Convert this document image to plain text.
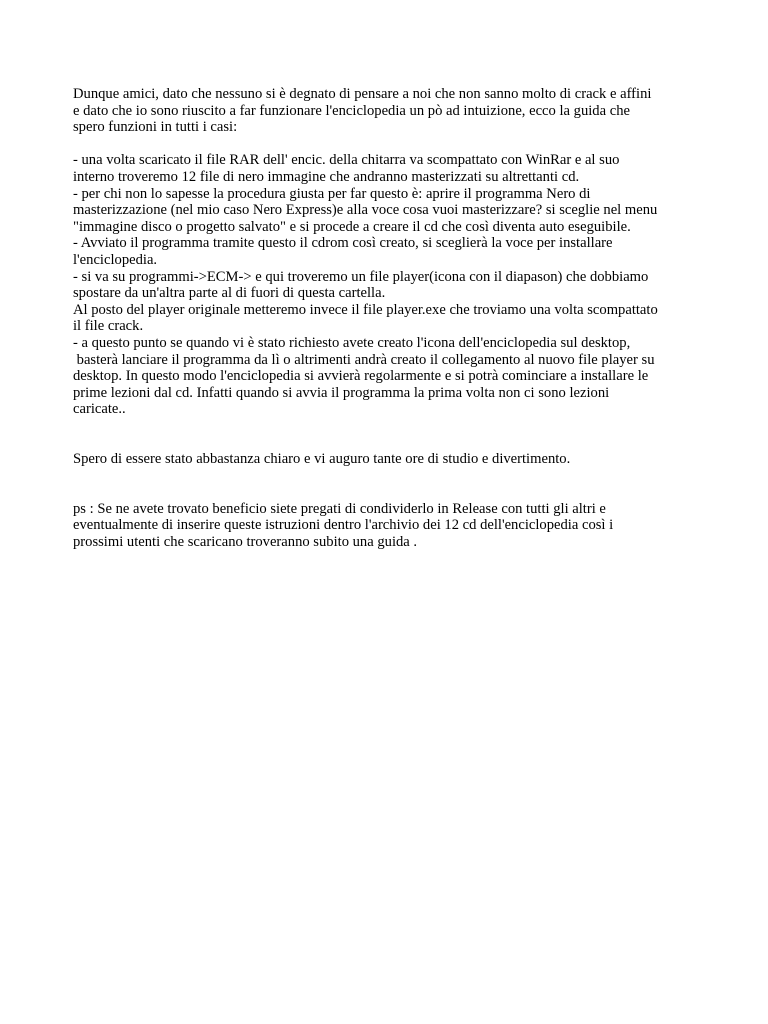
Dunque amici, dato che nessuno si è degnato di pensare a noi che non sanno molto di crack e affini
e dato che io sono riuscito a far funzionare l'enciclopedia un pò ad intuizione, ecco la guida che
spero funzioni in tutti i casi:
- una volta scaricato il file RAR dell' encic. della chitarra va scompattato con WinRar e al suo
interno troveremo 12 file di nero immagine che andranno masterizzati su altrettanti cd.
- per chi non lo sapesse la procedura giusta per far questo è: aprire il programma Nero di
masterizzazione (nel mio caso Nero Express)e alla voce cosa vuoi masterizzare? si sceglie nel menu
"immagine disco o progetto salvato" e si procede a creare il cd che così diventa auto eseguibile.
- Avviato il programma tramite questo il cdrom così creato, si sceglierà la voce per installare
l'enciclopedia.
- si va su programmi->ECM-> e qui troveremo un file player(icona con il diapason) che dobbiamo
spostare da un'altra parte al di fuori di questa cartella.
Al posto del player originale metteremo invece il file player.exe che troviamo una volta scompattato
il file crack.
- a questo punto se quando vi è stato richiesto avete creato l'icona dell'enciclopedia sul desktop,
basterà lanciare il programma da lì o altrimenti andrà creato il collegamento al nuovo file player su
desktop. In questo modo l'enciclopedia si avvierà regolarmente e si potrà cominciare a installare le
prime lezioni dal cd. Infatti quando si avvia il programma la prima volta non ci sono lezioni
caricate..
Spero di essere stato abbastanza chiaro e vi auguro tante ore di studio e divertimento.
ps : Se ne avete trovato beneficio siete pregati di condividerlo in Release con tutti gli altri e
eventualmente di inserire queste istruzioni dentro l'archivio dei 12 cd dell'enciclopedia così i
prossimi utenti che scaricano troveranno subito una guida .
